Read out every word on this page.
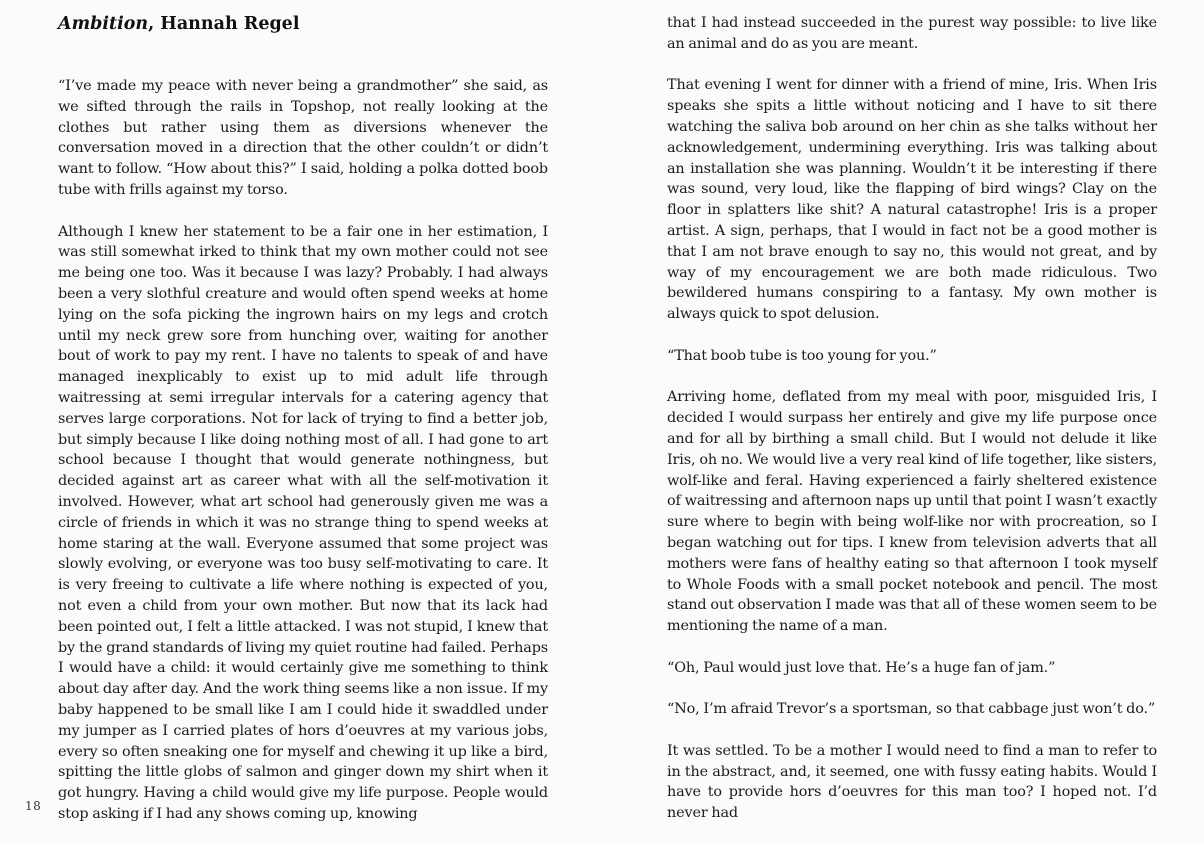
Ambition, Hannah Regel

“I’ve made my peace with never being a grandmother” she said, as we sifted through the rails in Topshop, not really looking at the clothes but rather using them as diversions whenever the conversation moved in a direction that the other couldn’t or didn’t want to follow. “How about this?” I said, holding a polka dotted boob tube with frills against my torso.

Although I knew her statement to be a fair one in her estimation, I was still somewhat irked to think that my own mother could not see me being one too. Was it because I was lazy? Probably. I had always been a very slothful creature and would often spend weeks at home lying on the sofa picking the ingrown hairs on my legs and crotch until my neck grew sore from hunching over, waiting for another bout of work to pay my rent. I have no talents to speak of and have managed inexplicably to exist up to mid adult life through waitressing at semi irregular intervals for a catering agency that serves large corporations. Not for lack of trying to find a better job, but simply because I like doing nothing most of all. I had gone to art school because I thought that would generate nothingness, but decided against art as career what with all the self-motivation it involved. However, what art school had generously given me was a circle of friends in which it was no strange thing to spend weeks at home staring at the wall. Everyone assumed that some project was slowly evolving, or everyone was too busy self-motivating to care. It is very freeing to cultivate a life where nothing is expected of you, not even a child from your own mother. But now that its lack had been pointed out, I felt a little attacked. I was not stupid, I knew that by the grand standards of living my quiet routine had failed. Perhaps I would have a child: it would certainly give me something to think about day after day. And the work thing seems like a non issue. If my baby happened to be small like I am I could hide it swaddled under my jumper as I carried plates of hors d’oeuvres at my various jobs, every so often sneaking one for myself and chewing it up like a bird, spitting the little globs of salmon and ginger down my shirt when it got hungry. Having a child would give my life purpose. People would stop asking if I had any shows coming up, knowing

18

that I had instead succeeded in the purest way possible: to live like an animal and do as you are meant.

That evening I went for dinner with a friend of mine, Iris. When Iris speaks she spits a little without noticing and I have to sit there watching the saliva bob around on her chin as she talks without her acknowledgement, undermining everything. Iris was talking about an installation she was planning. Wouldn’t it be interesting if there was sound, very loud, like the flapping of bird wings? Clay on the floor in splatters like shit? A natural catastrophe! Iris is a proper artist. A sign, perhaps, that I would in fact not be a good mother is that I am not brave enough to say no, this would not great, and by way of my encouragement we are both made ridiculous. Two bewildered humans conspiring to a fantasy. My own mother is always quick to spot delusion.

“That boob tube is too young for you.”

Arriving home, deflated from my meal with poor, misguided Iris, I decided I would surpass her entirely and give my life purpose once and for all by birthing a small child. But I would not delude it like Iris, oh no. We would live a very real kind of life together, like sisters, wolf-like and feral. Having experienced a fairly sheltered existence of waitressing and afternoon naps up until that point I wasn’t exactly sure where to begin with being wolf-like nor with procreation, so I began watching out for tips. I knew from television adverts that all mothers were fans of healthy eating so that afternoon I took myself to Whole Foods with a small pocket notebook and pencil. The most stand out observation I made was that all of these women seem to be mentioning the name of a man.

“Oh, Paul would just love that. He’s a huge fan of jam.”

“No, I’m afraid Trevor’s a sportsman, so that cabbage just won’t do.”

It was settled. To be a mother I would need to find a man to refer to in the abstract, and, it seemed, one with fussy eating habits. Would I have to provide hors d’oeuvres for this man too? I hoped not. I’d never had
